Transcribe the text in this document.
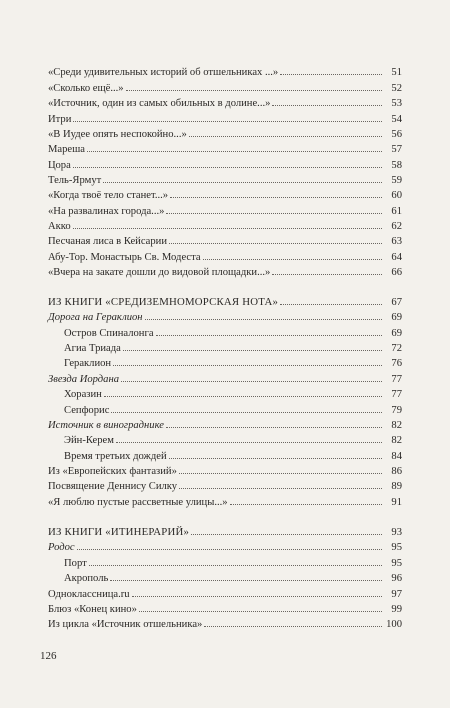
«Среди удивительных историй об отшельниках ...»	51
«Сколько ещё...»	52
«Источник, один из самых обильных в долине...»	53
Итри	54
«В Иудее опять неспокойно...»	56
Мареша	57
Цора	58
Тель-Ярмут	59
«Когда твоё тело станет...»	60
«На развалинах города...»	61
Акко	62
Песчаная лиса в Кейсарии	63
Абу-Тор. Монастырь Св. Модеста	64
«Вчера на закате дошли до видовой площадки...»	66
ИЗ КНИГИ «СРЕДИЗЕМНОМОРСКАЯ НОТА»	67
Дорога на Гераклион	69
Остров Спиналонга	69
Агиа Триада	72
Гераклион	76
Звезда Иордана	77
Хоразин	77
Сепфорис	79
Источник в винограднике	82
Эйн-Керем	82
Время третьих дождей	84
Из «Европейских фантазий»	86
Посвящение Деннису Силку	89
«Я люблю пустые рассветные улицы...»	91
ИЗ КНИГИ «ИТИНЕРАРИЙ»	93
Родос	95
Порт	95
Акрополь	96
Одноклассница.ru	97
Блюз «Конец кино»	99
Из цикла «Источник отшельника»	100
126
